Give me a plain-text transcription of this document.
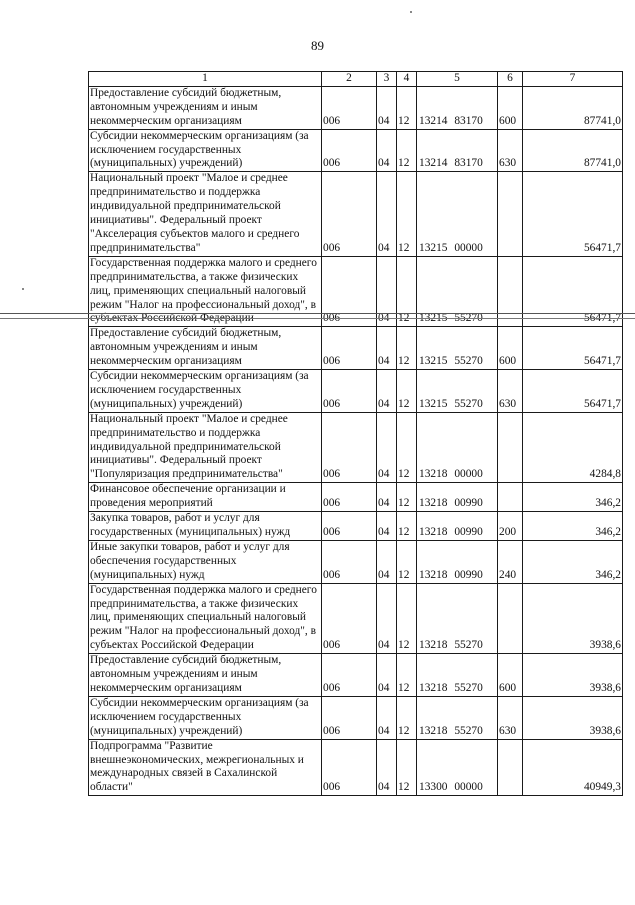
89
1	2	3	4	5	6	7
Предоставление субсидий бюджетным, автономным учреждениям и иным некоммерческим организациям	006	04	12	13214 83170	600	87741,0
Субсидии некоммерческим организациям (за исключением государственных (муниципальных) учреждений)	006	04	12	13214 83170	630	87741,0
Национальный проект "Малое и среднее предпринимательство и поддержка индивидуальной предпринимательской инициативы". Федеральный проект "Акселерация субъектов малого и среднего предпринимательства"	006	04	12	13215 00000		56471,7
Государственная поддержка малого и среднего предпринимательства, а также физических лиц, применяющих специальный налоговый режим "Налог на профессиональный доход", в субъектах Российской Федерации	006	04	12	13215 55270		56471,7
Предоставление субсидий бюджетным, автономным учреждениям и иным некоммерческим организациям	006	04	12	13215 55270	600	56471,7
Субсидии некоммерческим организациям (за исключением государственных (муниципальных) учреждений)	006	04	12	13215 55270	630	56471,7
Национальный проект "Малое и среднее предпринимательство и поддержка индивидуальной предпринимательской инициативы". Федеральный проект "Популяризация предпринимательства"	006	04	12	13218 00000		4284,8
Финансовое обеспечение организации и проведения мероприятий	006	04	12	13218 00990		346,2
Закупка товаров, работ и услуг для государственных (муниципальных) нужд	006	04	12	13218 00990	200	346,2
Иные закупки товаров, работ и услуг для обеспечения государственных (муниципальных) нужд	006	04	12	13218 00990	240	346,2
Государственная поддержка малого и среднего предпринимательства, а также физических лиц, применяющих специальный налоговый режим "Налог на профессиональный доход", в субъектах Российской Федерации	006	04	12	13218 55270		3938,6
Предоставление субсидий бюджетным, автономным учреждениям и иным некоммерческим организациям	006	04	12	13218 55270	600	3938,6
Субсидии некоммерческим организациям (за исключением государственных (муниципальных) учреждений)	006	04	12	13218 55270	630	3938,6
Подпрограмма "Развитие внешнеэкономических, межрегиональных и международных связей в Сахалинской области"	006	04	12	13300 00000		40949,3
